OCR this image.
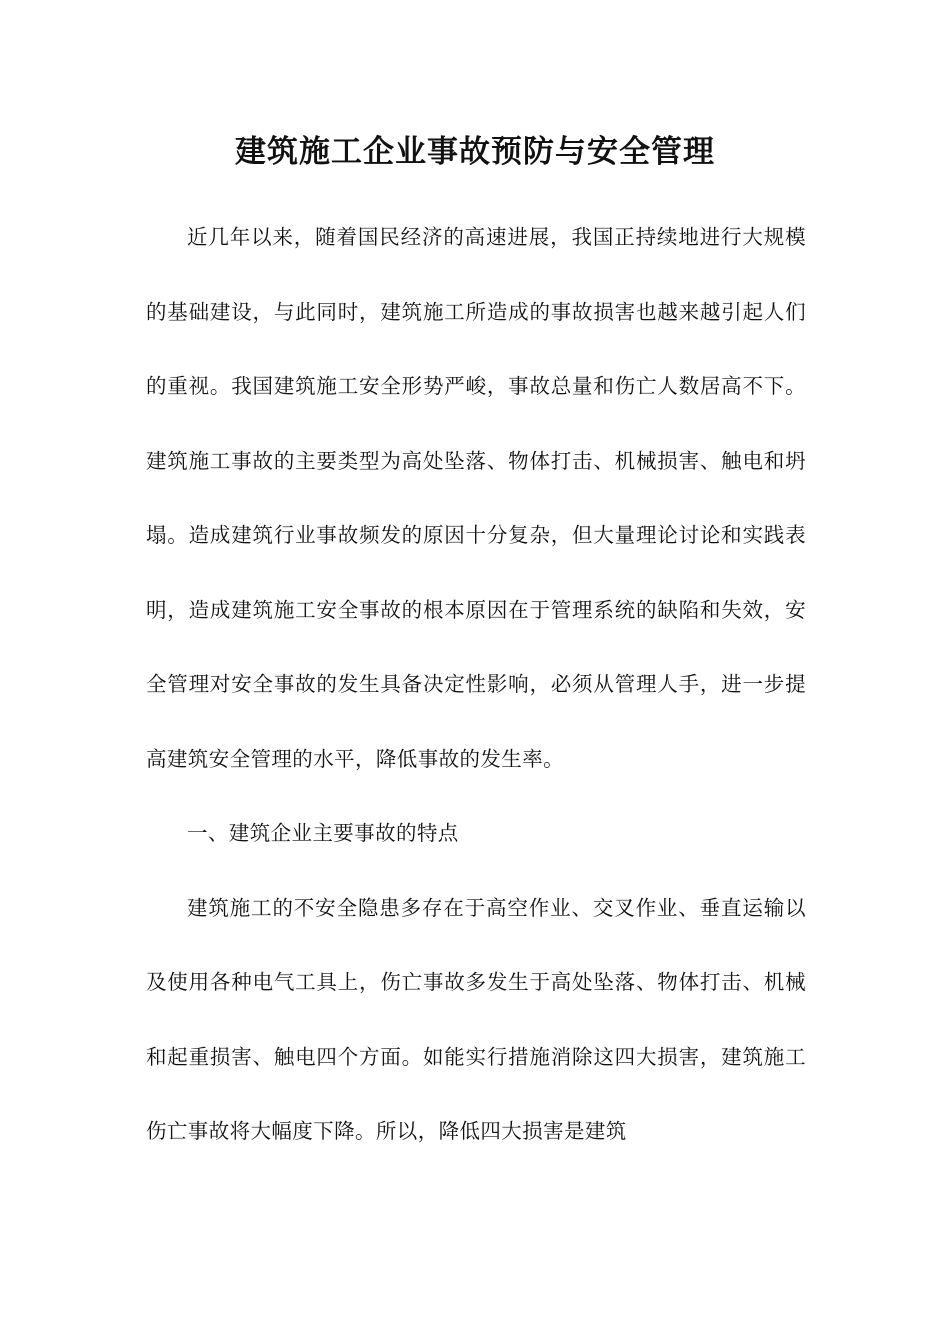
建筑施工企业事故预防与安全管理

近几年以来，随着国民经济的高速进展，我国正持续地进行大规模的基础建设，与此同时，建筑施工所造成的事故损害也越来越引起人们的重视。我国建筑施工安全形势严峻，事故总量和伤亡人数居高不下。建筑施工事故的主要类型为高处坠落、物体打击、机械损害、触电和坍塌。造成建筑行业事故频发的原因十分复杂，但大量理论讨论和实践表明，造成建筑施工安全事故的根本原因在于管理系统的缺陷和失效，安全管理对安全事故的发生具备决定性影响，必须从管理人手，进一步提高建筑安全管理的水平，降低事故的发生率。

一、建筑企业主要事故的特点

建筑施工的不安全隐患多存在于高空作业、交叉作业、垂直运输以及使用各种电气工具上，伤亡事故多发生于高处坠落、物体打击、机械和起重损害、触电四个方面。如能实行措施消除这四大损害，建筑施工伤亡事故将大幅度下降。所以，降低四大损害是建筑
